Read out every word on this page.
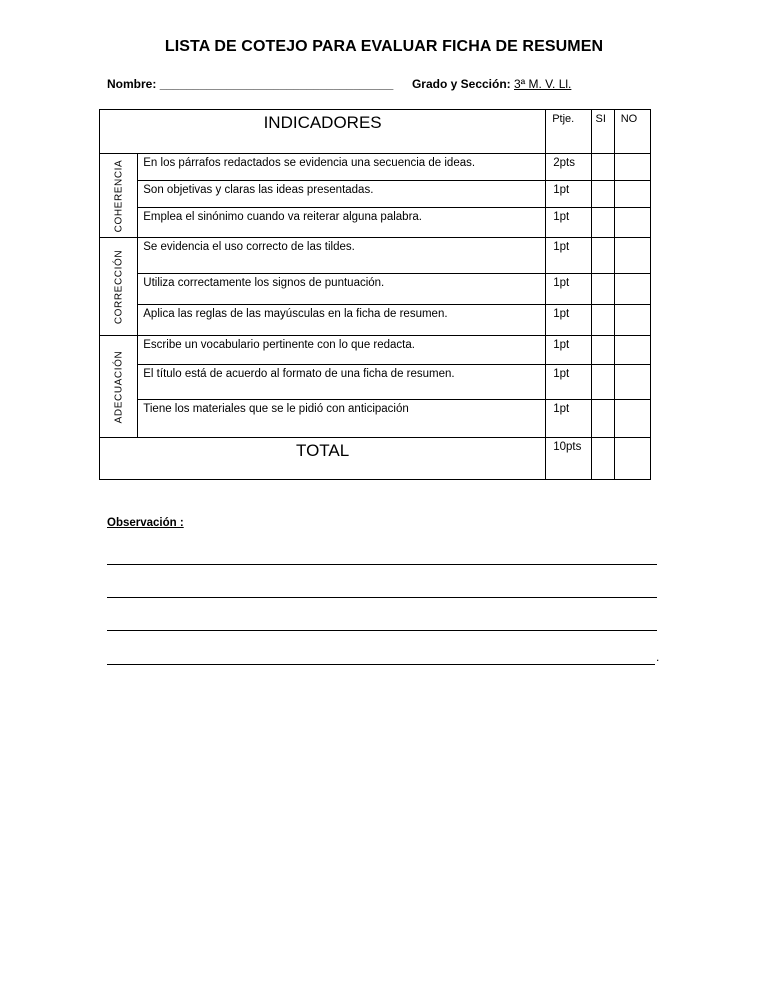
LISTA DE COTEJO PARA EVALUAR FICHA DE RESUMEN
Nombre: ___________________________________ Grado y Sección: 3ª M. V. Ll.
INDICADORES		Ptje.	SI	NO

COHERENCIA	En los párrafos redactados se evidencia una secuencia de ideas.	2pts		
	Son objetivas y claras las ideas presentadas.	1pt		
	Emplea el sinónimo cuando va reiterar alguna palabra.	1pt		

CORRECCIÓN	Se evidencia el uso correcto de las tildes.	1pt		
	Utiliza correctamente los signos de puntuación.	1pt		
	Aplica las reglas de las mayúsculas en la ficha de resumen.	1pt		

ADECUACIÓN	Escribe un vocabulario pertinente con lo que redacta.	1pt		
	El título está de acuerdo al formato de una ficha de resumen.	1pt		
	Tiene los materiales que se le pidió con anticipación	1pt		
TOTAL		10pts		
Observación :
.
